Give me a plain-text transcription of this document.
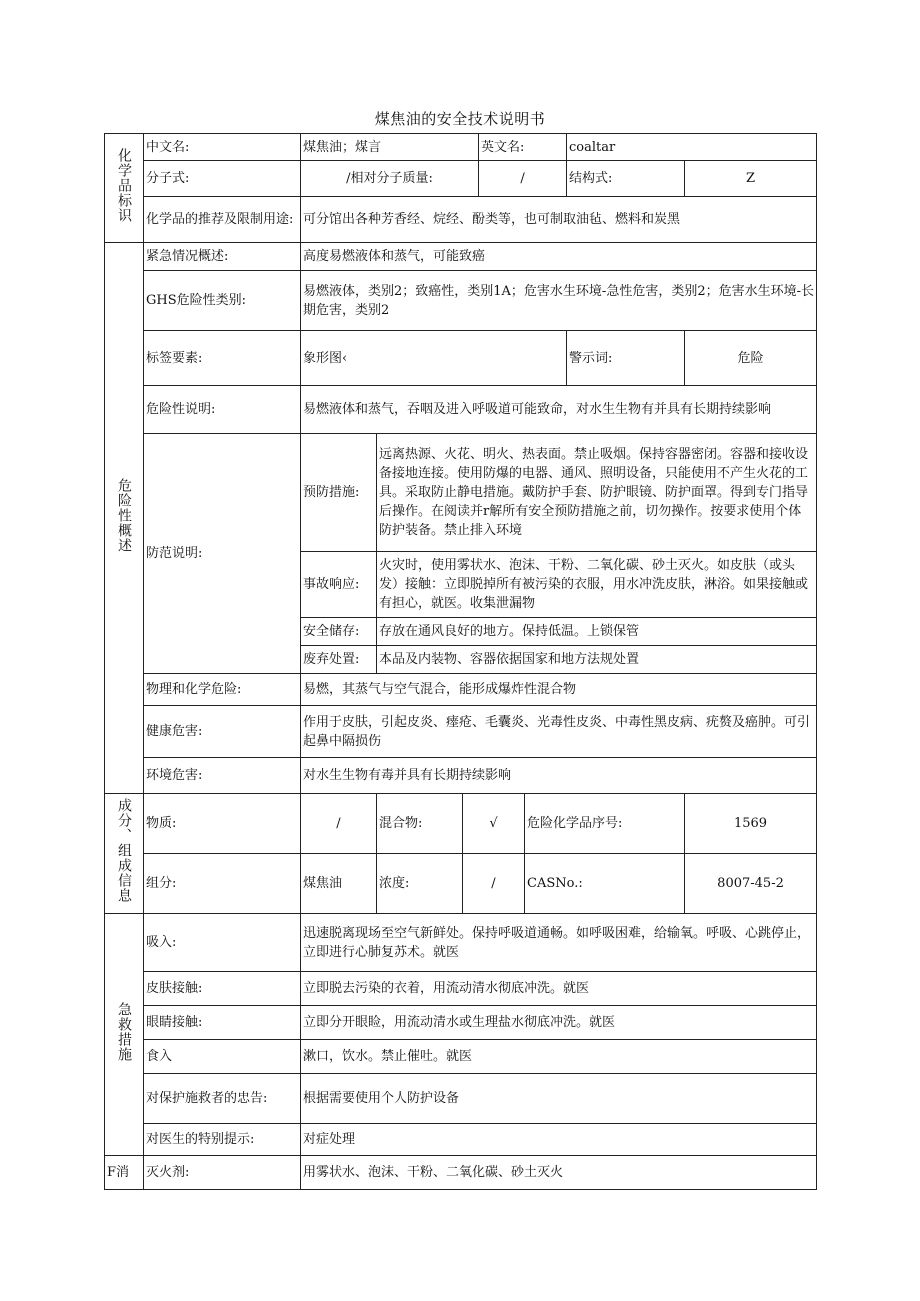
煤焦油的安全技术说明书
化学品标识	中文名:	煤焦油；煤言			英文名:		coaltar	
	分子式:	/相对分子质量:			/		结构式:	Z
	化学品的推荐及限制用途:	可分馆出各种芳香经、烷经、酚类等，也可制取油毡、燃料和炭黑						
危险性概述	紧急情况概述:	高度易燃液体和蒸气，可能致癌						
	GHS危险性类别:	易燃液体，类别2；致癌性，类别1A；危害水生环境-急性危害，类别2；危害水生环境-长期危害，类别2						
	标签要素:	象形图‹					警示词:	危险
	危险性说明:	易燃液体和蒸气，吞咽及进入呼吸道可能致命，对水生生物有并具有长期持续影响						
	防范说明:	预防措施:	远离热源、火花、明火、热表面。禁止吸烟。保持容器密闭。容器和接收设备接地连接。使用防爆的电器、通风、照明设备，只能使用不产生火花的工具。采取防止静电措施。戴防护手套、防护眼镜、防护面罩。得到专门指导后操作。在阅读并r解所有安全预防措施之前，切勿操作。按要求使用个体防护装备。禁止排入环境					
		事故响应:	火灾时，使用雾状水、泡沫、干粉、二氧化碳、砂土灭火。如皮肤（或头发）接触：立即脱掉所有被污染的衣服，用水冲洗皮肤，淋浴。如果接触或有担心，就医。收集泄漏物					
		安全储存:	存放在通风良好的地方。保持低温。上锁保管					
		废弃处置:	本品及内装物、容器依据国家和地方法规处置					
	物理和化学危险:	易燃，其蒸气与空气混合，能形成爆炸性混合物						
	健康危害:	作用于皮肤，引起皮炎、瘗疮、毛囊炎、光毒性皮炎、中毒性黑皮病、疣赘及癌肿。可引起鼻中隔损伤						
	环境危害:	对水生生物有毒并具有长期持续影响						

成分、组成信息	物质:	/	混合物:	√		危险化学品序号:		1569
	组分:	煤焦油	浓度:	/		CASNo.:		8007-45-2
急救措施	吸入:	迅速脱离现场至空气新鲜处。保持呼吸道通畅。如呼吸困难，给输氧。呼吸、心跳停止，立即进行心肺复苏术。就医						
	皮肤接触:	立即脱去污染的衣着，用流动清水彻底冲洗。就医						
	眼睛接触:	立即分开眼睑，用流动清水或生理盐水彻底冲洗。就医						
	食入	漱口，饮水。禁止催吐。就医						
	对保护施救者的忠告:	根据需要使用个人防护设备						
	对医生的特别提示:	对症处理						
F消	灭火剂:	用雾状水、泡沫、干粉、二氧化碳、砂土灭火						
